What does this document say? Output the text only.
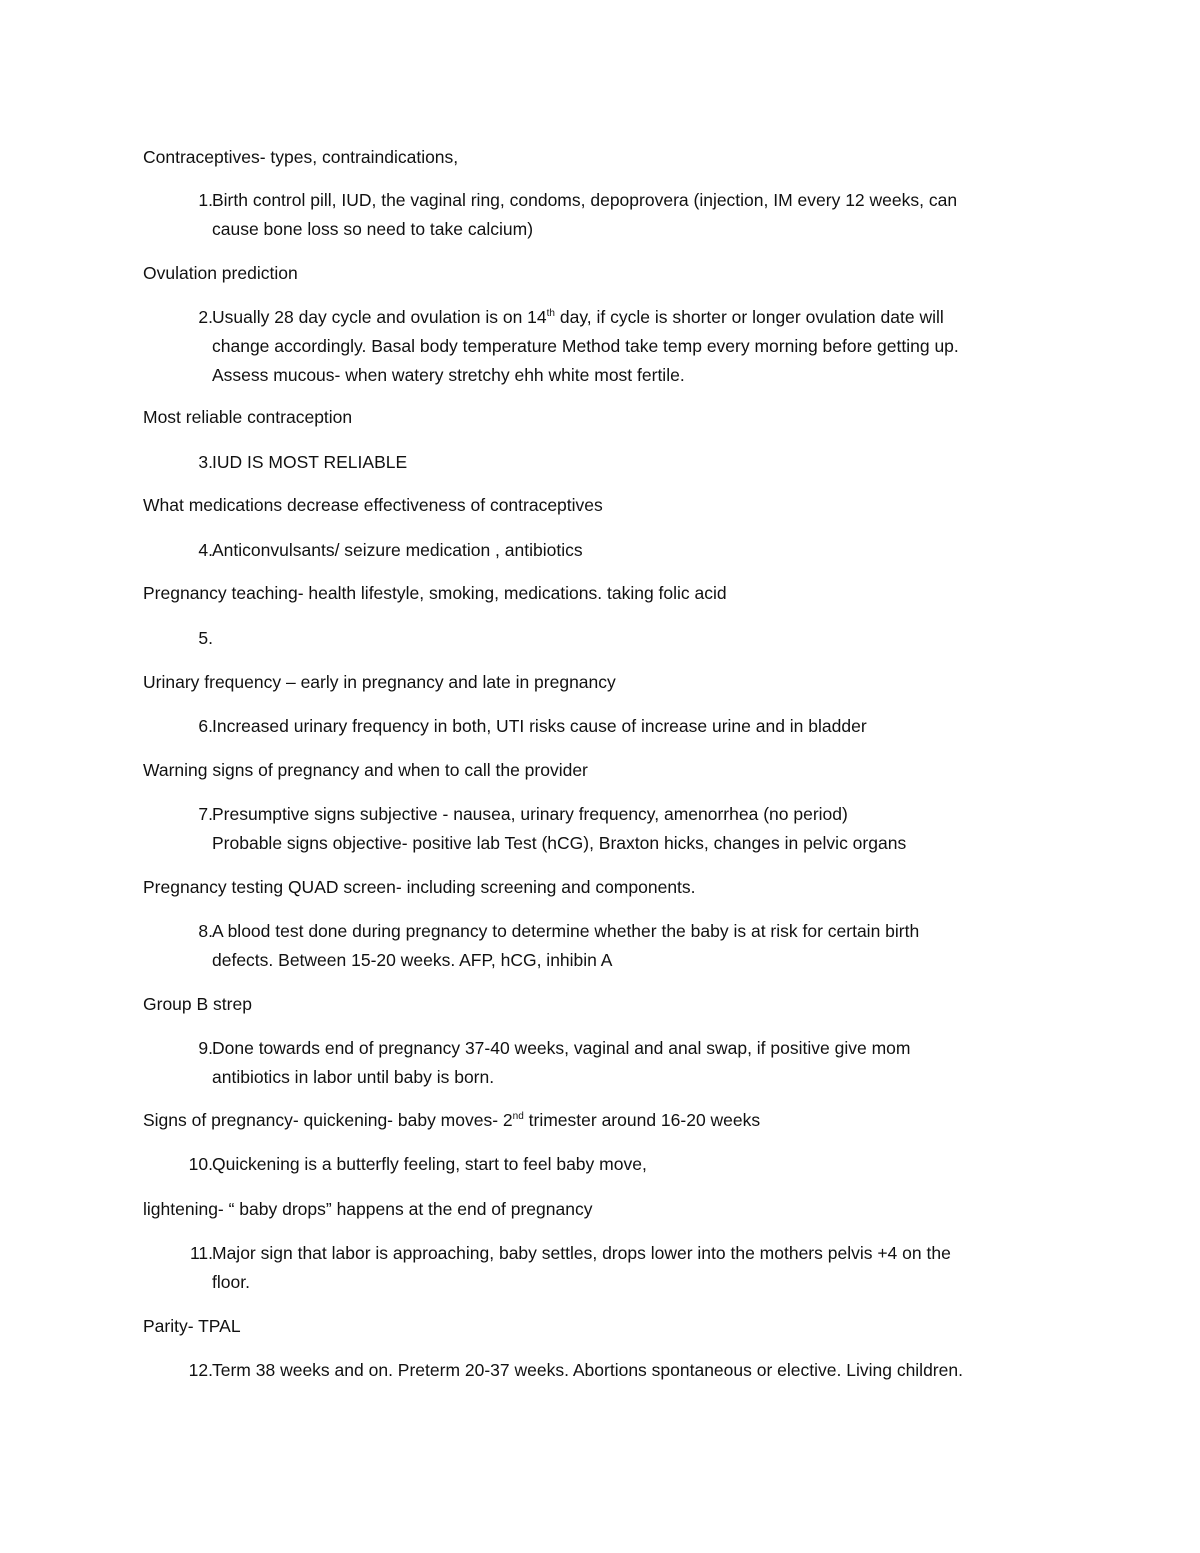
Contraceptives- types, contraindications,
1. Birth control pill, IUD, the vaginal ring, condoms, depoprovera (injection, IM every 12 weeks, can
cause bone loss so need to take calcium)
Ovulation prediction
2. Usually 28 day cycle and ovulation is on 14th day, if cycle is shorter or longer ovulation date will
change accordingly. Basal body temperature Method take temp every morning before getting up.
Assess mucous- when watery stretchy ehh white most fertile.
Most reliable contraception
3. IUD IS MOST RELIABLE
What medications decrease effectiveness of contraceptives
4. Anticonvulsants/ seizure medication , antibiotics
Pregnancy teaching- health lifestyle, smoking, medications. taking folic acid
5.
Urinary frequency – early in pregnancy and late in pregnancy
6. Increased urinary frequency in both, UTI risks cause of increase urine and in bladder
Warning signs of pregnancy and when to call the provider
7. Presumptive signs subjective - nausea, urinary frequency, amenorrhea (no period)
Probable signs objective- positive lab Test (hCG), Braxton hicks, changes in pelvic organs
Pregnancy testing QUAD screen- including screening and components.
8. A blood test done during pregnancy to determine whether the baby is at risk for certain birth
defects. Between 15-20 weeks. AFP, hCG, inhibin A
Group B strep
9. Done towards end of pregnancy 37-40 weeks, vaginal and anal swap, if positive give mom
antibiotics in labor until baby is born.
Signs of pregnancy- quickening- baby moves- 2nd trimester around 16-20 weeks
10. Quickening is a butterfly feeling, start to feel baby move,
lightening- “ baby drops” happens at the end of pregnancy
11. Major sign that labor is approaching, baby settles, drops lower into the mothers pelvis +4 on the
floor.
Parity- TPAL
12. Term 38 weeks and on. Preterm 20-37 weeks. Abortions spontaneous or elective. Living children.
